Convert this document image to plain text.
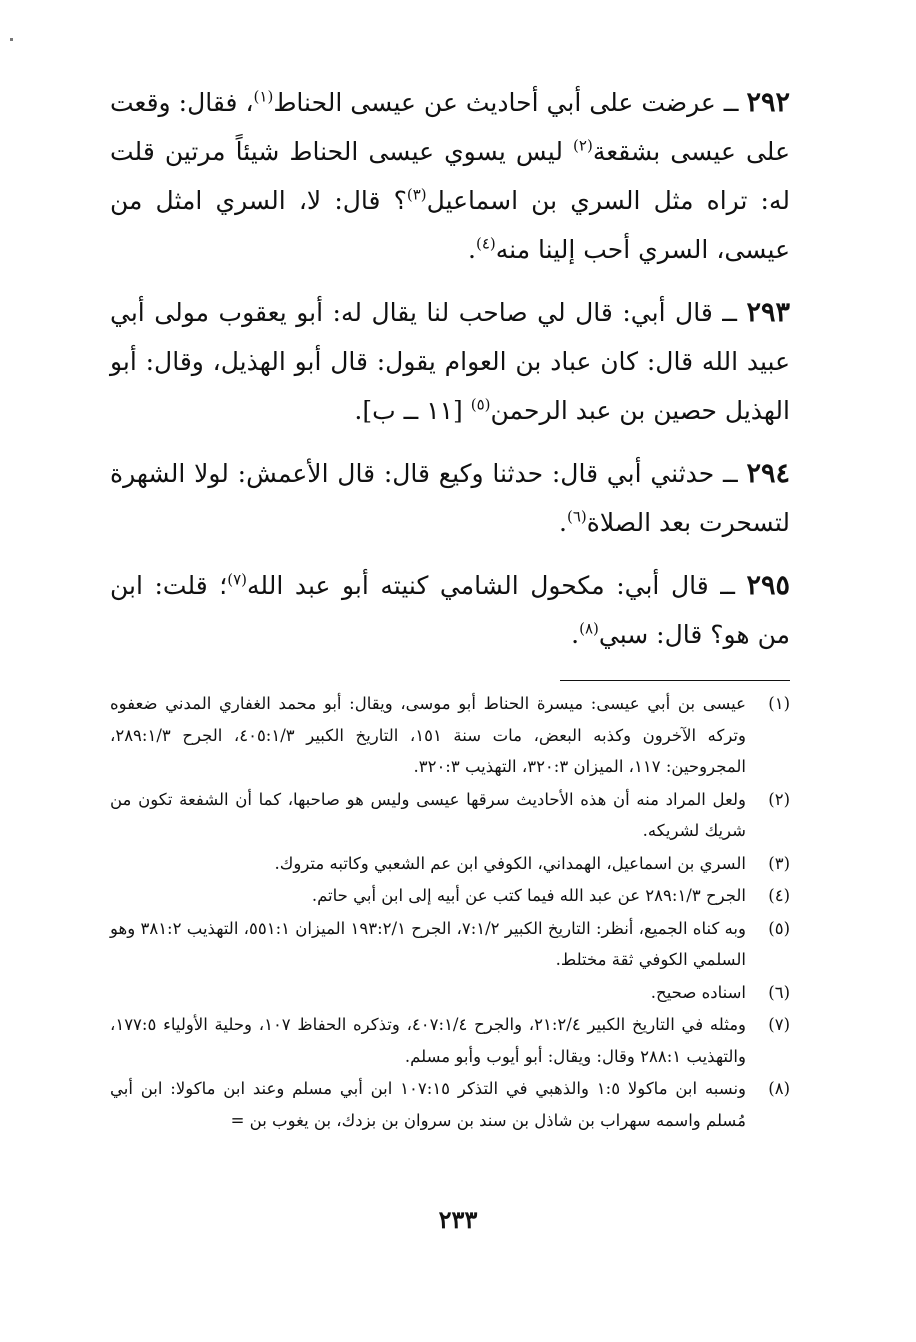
٢٩٢ ــ عرضت على أبي أحاديث عن عيسى الحناط$^{(١)}$، فقال: وقعت على عيسى بشقعة$^{(٢)}$ ليس يسوي عيسى الحناط شيئاً مرتين قلت له: تراه مثل السري بن اسماعيل$^{(٣)}$؟ قال: لا، السري امثل من عيسى، السري أحب إلينا منه$^{(٤)}$.

٢٩٣ ــ قال أبي: قال لي صاحب لنا يقال له: أبو يعقوب مولى أبي عبيد الله قال: كان عباد بن العوام يقول: قال أبو الهذيل، وقال: أبو الهذيل حصين بن عبد الرحمن$^{(٥)}$ [١١ ــ ب].

٢٩٤ ــ حدثني أبي قال: حدثنا وكيع قال: قال الأعمش: لولا الشهرة لتسحرت بعد الصلاة$^{(٦)}$.

٢٩٥ ــ قال أبي: مكحول الشامي كنيته أبو عبد الله$^{(٧)}$؛ قلت: ابن من هو؟ قال: سبي$^{(٨)}$.

(١)
عيسى بن أبي عيسى: ميسرة الحناط أبو موسى، ويقال: أبو محمد الغفاري المدني ضعفوه وتركه الآخرون وكذبه البعض، مات سنة ١٥١، التاريخ الكبير ٤٠٥:١/٣، الجرح ٢٨٩:١/٣، المجروحين: ١١٧، الميزان ٣٢٠:٣، التهذيب ٣٢٠:٣.
(٢)
ولعل المراد منه أن هذه الأحاديث سرقها عيسى وليس هو صاحبها، كما أن الشفعة تكون من شريك لشريكه.
(٣)
السري بن اسماعيل، الهمداني، الكوفي ابن عم الشعبي وكاتبه متروك.
(٤)
الجرح ٢٨٩:١/٣ عن عبد الله فيما كتب عن أبيه إلى ابن أبي حاتم.
(٥)
وبه كناه الجميع، أنظر: التاريخ الكبير ٧:١/٢، الجرح ١٩٣:٢/١ الميزان ٥٥١:١، التهذيب ٣٨١:٢ وهو السلمي الكوفي ثقة مختلط.
(٦)
اسناده صحيح.
(٧)
ومثله في التاريخ الكبير ٢١:٢/٤، والجرح ٤٠٧:١/٤، وتذكره الحفاظ ١٠٧، وحلية الأولياء ١٧٧:٥، والتهذيب ٢٨٨:١ وقال: ويقال: أبو أيوب وأبو مسلم.
(٨)
ونسبه ابن ماكولا ١:٥ والذهبي في التذكر ١٠٧:١٥ ابن أبي مسلم وعند ابن ماكولا: ابن أبي مُسلم واسمه سهراب بن شاذل بن سند بن سروان بن بزدك، بن يغوب بن =
٢٣٣
